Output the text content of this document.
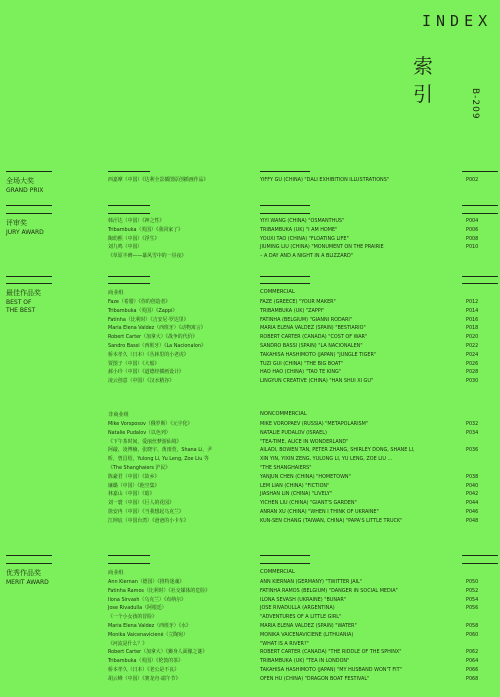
INDEX
索
引	B-209
全场大奖
GRAND PRIX
西嘉摩（中国）《达利全景插图原创插画作品》	YIFFY GU (CHINA) "DALI EXHIBITION ILLUSTRATIONS"	P002
评审奖
JURY AWARD
韩汗达（中国）《神之性》	YIYI WANG (CHINA) "OSMANTHUS"	P004
Tribambuka（英国）《我回家了》	TRIBAMBUKA (UK) "I AM HOME"	P006
陶幼熙（中国）《浮生》	YOUXI TAO (CHINA) "FLOATING LIFE"	P008
刘九鸣（中国）	JIUMING LIU (CHINA) "MONUMENT ON THE PRAIRIE	P010
《草原丰碑——暴风雪中的一昼夜》	– A DAY AND A NIGHT IN A BLIZZARD"
最佳作品奖
BEST OF
THE BEST
商业组	COMMERCIAL
Faze（希腊）《你的创造者》	FAZE (GREECE) "YOUR MAKER"	P012
Tribambuka（英国）《Zappi》	TRIBAMBUKA (UK) "ZAPPI"	P014
Fatinha（比利时）《吉安尼·罗达里》	FATINHA (BELGIUM) "GIANNI RODARI"	P016
Maria Elena Valdez（西班牙）《动物寓言》	MARIA ELENA VALDEZ (SPAIN) "BESTIARIO"	P018
Robert Carter（加拿大）《战争的代价》	ROBERT CARTER (CANADA) "COST OF WAR"	P020
Sandro Bassi（西班牙）《La Nacionalon》	SANDRO BASSI (SPAIN) "LA NACIONALEN"	P022
桥本孝久（日本）《丛林里的小老虎》	TAKAHISA HASHIMOTO (JAPAN) "JUNGLE TIGER"	P024
贾图子（中国）《大船》	TUZI GUI (CHINA) "THE BIG BOAT"	P026
郝小玲（中国）《道德经插画设计》	HAO HAO (CHINA) "TAO TE KING"	P028
凌云创意（中国）《汉水精谷》	LINGYUN CREATIVE (CHINA) "HAN SHUI XI GU"	P030
非商业组	NONCOMMERCIAL
Mike Vorsposov（俄罗斯）《元宇化》	MIKE VOROPAEV (RUSSIA) "METAPOLARISM"	P032
Natalie Pudalov（以色列）	NATALIE PUDALOV (ISRAEL)	P034
《下午茶时间，爱丽丝梦游仙境》	"TEA-TIME, ALICE IN WONDERLAND"
阿敲、凌博楠、张晓宇、黄雨萱，Shana Li，尹	AILADI, BOWEN TAN, PETER ZHANG, SHIRLEY DONG, SHANE LI,	P036
昕，曾昌绍，Yulong Li, Yu Leng, Zoe Liu 等	XIN YIN, YIXIN ZENG, YULONG LI, YU LENG, ZOE LIU ...
《The Shanghaiers 沪民》	"THE SHANGHAIERS"
陈豪君（中国）《故乡》	YANJUN CHEN (CHINA) "HOMETOWN"	P038
廉璐（中国）《他空集》	LEM LIAN (CHINA) "FICTION"	P040
林嘉山（中国）《暗》	JIASHAN LIN (CHINA) "LIVELY"	P042
刘一寰（中国）《巨人的花园》	YICHEN LIU (CHINA) "GIANT'S GARDEN"	P044
徐安冉（中国）《当我想起乌克兰》	ANRAN XU (CHINA) "WHEN I THINK OF UKRAINE"	P046
江坤宸（中国台湾）《爸爸的小卡车》	KUN-SEN CHANG (TAIWAN, CHINA) "PAPA'S LITTLE TRUCK"	P048
优秀作品奖
MERIT AWARD
商业组	COMMERCIAL
Ann Kiernan（德国）《推特迷魂》	ANN KIERNAN (GERMANY) "TWITTER JAIL"	P050
Fatinha Ramos（比利时）《社交媒体的危险》	FATINHA RAMOS (BELGIUM) "DANGER IN SOCIAL MEDIA"	P052
Ilona Sirvash（乌克兰）《布纳尔》	ILONA SEVASH (UKRAINE) "BUNAR"	P054
Jose Rivadulla（阿根廷）	JOSE RIVADULLA (ARGENTINA)	P056
《一个小女孩的冒险》	"ADVENTURES OF A LITTLE GIRL"
Maria Elena Valdez（西班牙）《水》	MARIA ELENA VALDEZ (SPAIN) "WATER"	P058
Monika Vaicenavicienė（立陶宛）	MONIKA VAICENAVICIENE (LITHUANIA)	P060
《河流是什么？》	"WHAT IS A RIVER?"
Robert Carter（加拿大）《狮身人面像之谜》	ROBERT CARTER (CANADA) "THE RIDDLE OF THE SPHINX"	P062
Tribambuka（英国）《伦敦的茶》	TRIBAMBUKA (UK) "TEA IN LONDON"	P064
桥本孝久（日本）《老公是不良》	TAKAHISA HASHIMOTO (JAPAN) "MY HUSBAND WON'T FIT"	P066
胡云峰（中国）《赛龙舟·端午节》	OFEN HU (CHINA) "DRAGON BOAT FESTIVAL"	P068
